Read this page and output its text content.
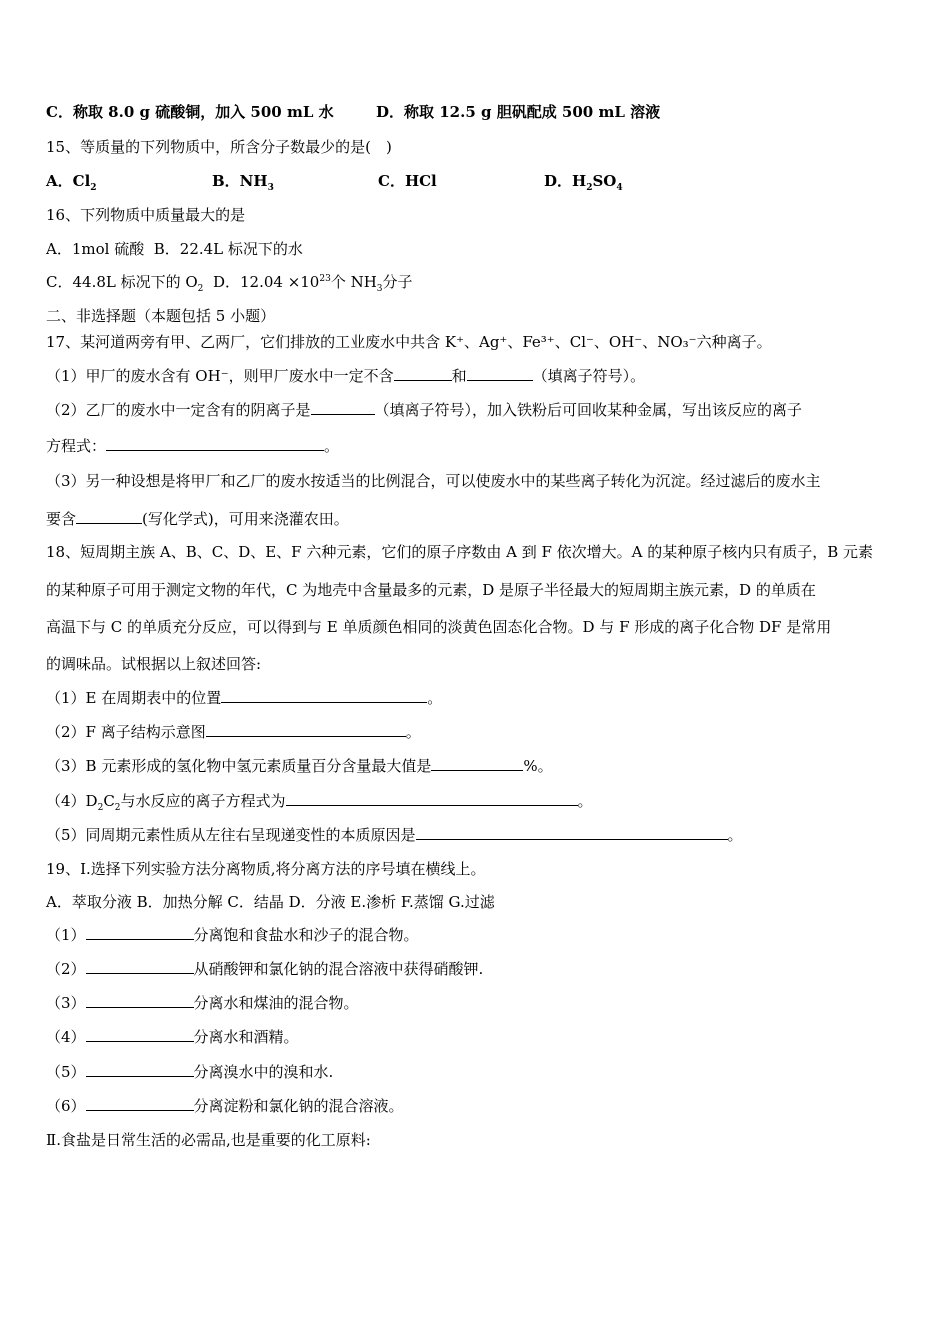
C．称取 8.0 g 硫酸铜，加入 500 mL 水	D．称取 12.5 g 胆矾配成 500 mL 溶液
15、等质量的下列物质中，所含分子数最少的是(　)
A．$Cl_2$	B．$NH_3$	C．HCl	D．$H_2SO_4$
16、下列物质中质量最大的是
A．1mol 硫酸 B．22.4L 标况下的水
C．44.8L 标况下的 $O_2$ D．$12.04 \times 10^{23}$个 $NH_3$分子
二、非选择题（本题包括 5 小题）
17、某河道两旁有甲、乙两厂，它们排放的工业废水中共含 K⁺、Ag⁺、Fe³⁺、Cl⁻、OH⁻、NO₃⁻六种离子。
（1）甲厂的废水含有 OH⁻，则甲厂废水中一定不含	和	（填离子符号）。
（2）乙厂的废水中一定含有的阴离子是	（填离子符号），加入铁粉后可回收某种金属，写出该反应的离子
方程式：	。
（3）另一种设想是将甲厂和乙厂的废水按适当的比例混合，可以使废水中的某些离子转化为沉淀。经过滤后的废水主
要含	(写化学式)，可用来浇灌农田。
18、短周期主族 A、B、C、D、E、F 六种元素，它们的原子序数由 A 到 F 依次增大。A 的某种原子核内只有质子，B 元素
的某种原子可用于测定文物的年代，C 为地壳中含量最多的元素，D 是原子半径最大的短周期主族元素，D 的单质在
高温下与 C 的单质充分反应，可以得到与 E 单质颜色相同的淡黄色固态化合物。D 与 F 形成的离子化合物 DF 是常用
的调味品。试根据以上叙述回答:
（1）E 在周期表中的位置	。
（2）F 离子结构示意图	。
（3）B 元素形成的氢化物中氢元素质量百分含量最大值是	%。
$(4)D_2C_2$与水反应的离子方程式为	。
（5）同周期元素性质从左往右呈现递变性的本质原因是	。
19、Ⅰ.选择下列实验方法分离物质,将分离方法的序号填在横线上。
A．萃取分液 B．加热分解 C．结晶 D．分液 E.渗析 F.蒸馏 G.过滤
（1）	分离饱和食盐水和沙子的混合物。
（2）	从硝酸钾和氯化钠的混合溶液中获得硝酸钾.
（3）	分离水和煤油的混合物。
（4）	分离水和酒精。
（5）	分离溴水中的溴和水.
（6）	分离淀粉和氯化钠的混合溶液。
Ⅱ.食盐是日常生活的必需品,也是重要的化工原料:
